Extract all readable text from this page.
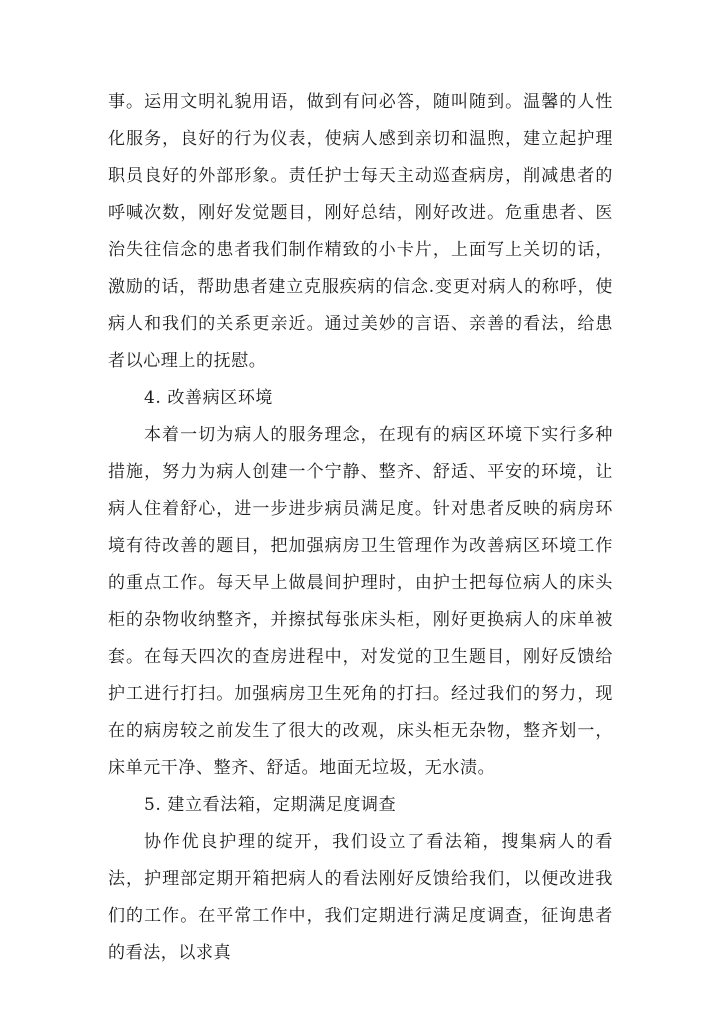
事。运用文明礼貌用语，做到有问必答，随叫随到。温馨的人性化服务，良好的行为仪表，使病人感到亲切和温煦，建立起护理职员良好的外部形象。责任护士每天主动巡查病房，削减患者的呼喊次数，刚好发觉题目，刚好总结，刚好改进。危重患者、医治失往信念的患者我们制作精致的小卡片，上面写上关切的话，激励的话，帮助患者建立克服疾病的信念.变更对病人的称呼，使病人和我们的关系更亲近。通过美妙的言语、亲善的看法，给患者以心理上的抚慰。

4. 改善病区环境

本着一切为病人的服务理念，在现有的病区环境下实行多种措施，努力为病人创建一个宁静、整齐、舒适、平安的环境，让病人住着舒心，进一步进步病员满足度。针对患者反映的病房环境有待改善的题目，把加强病房卫生管理作为改善病区环境工作的重点工作。每天早上做晨间护理时，由护士把每位病人的床头柜的杂物收纳整齐，并擦拭每张床头柜，刚好更换病人的床单被套。在每天四次的查房进程中，对发觉的卫生题目，刚好反馈给护工进行打扫。加强病房卫生死角的打扫。经过我们的努力，现在的病房较之前发生了很大的改观，床头柜无杂物，整齐划一，床单元干净、整齐、舒适。地面无垃圾，无水渍。

5. 建立看法箱，定期满足度调查

协作优良护理的绽开，我们设立了看法箱，搜集病人的看法，护理部定期开箱把病人的看法刚好反馈给我们，以便改进我们的工作。在平常工作中，我们定期进行满足度调查，征询患者的看法，以求真
